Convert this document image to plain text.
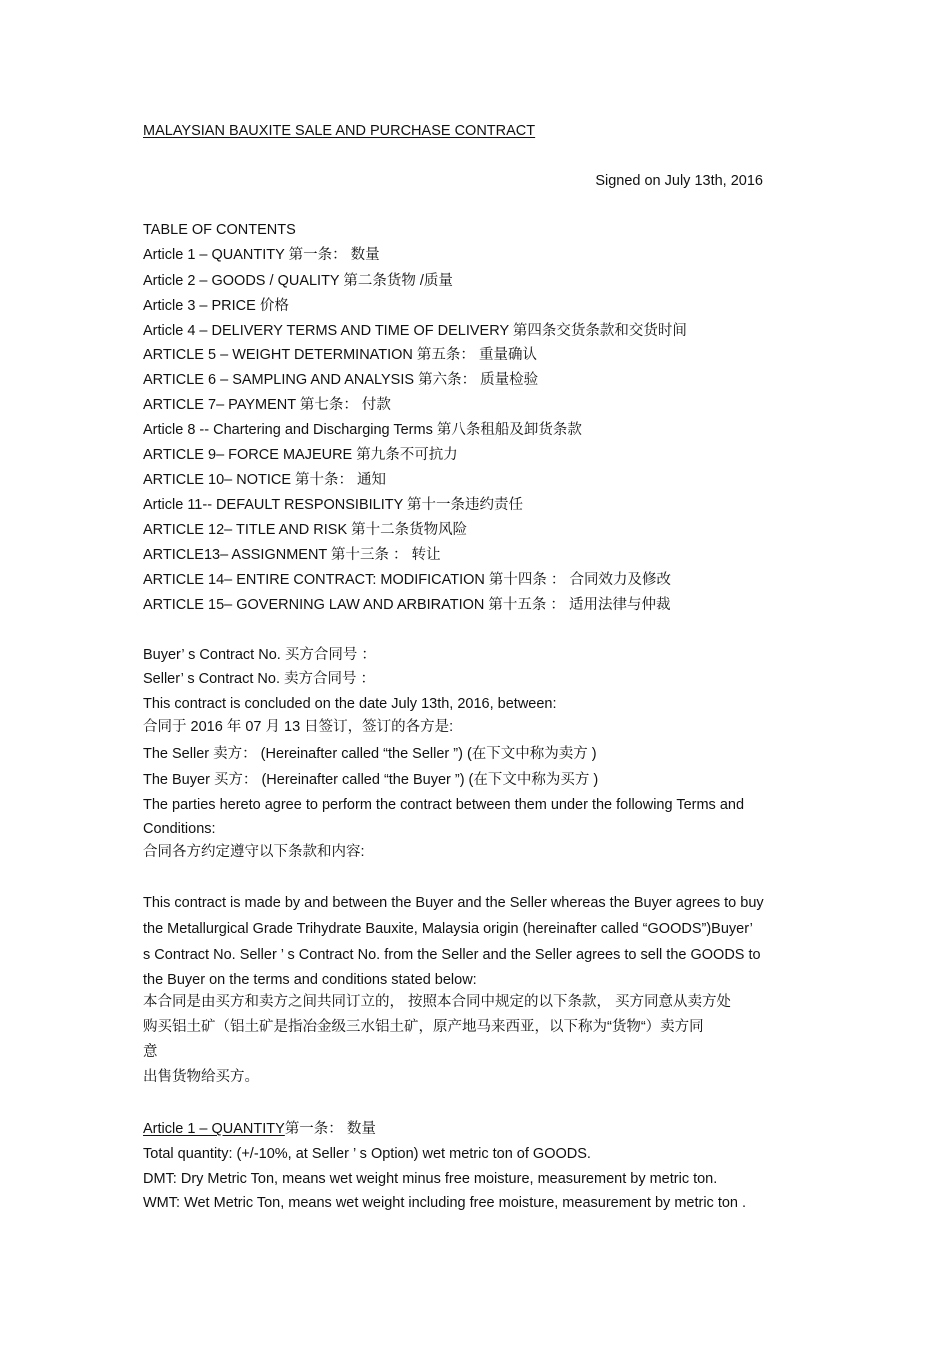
MALAYSIAN BAUXITE SALE AND PURCHASE CONTRACT
Signed on July 13th, 2016
TABLE OF CONTENTS
Article 1 – QUANTITY 第一条： 数量
Article 2 – GOODS / QUALITY 第二条货物 /质量
Article 3 – PRICE 价格
Article 4 – DELIVERY TERMS AND TIME OF DELIVERY 第四条交货条款和交货时间
ARTICLE 5 – WEIGHT DETERMINATION 第五条： 重量确认
ARTICLE 6 – SAMPLING AND ANALYSIS 第六条： 质量检验
ARTICLE 7– PAYMENT 第七条： 付款
Article 8 -- Chartering and Discharging Terms 第八条租船及卸货条款
ARTICLE 9– FORCE MAJEURE 第九条不可抗力
ARTICLE 10– NOTICE 第十条： 通知
Article 11-- DEFAULT RESPONSIBILITY 第十一条违约责任
ARTICLE 12– TITLE AND RISK 第十二条货物风险
ARTICLE13– ASSIGNMENT 第十三条 ： 转让
ARTICLE 14– ENTIRE CONTRACT: MODIFICATION 第十四条 ： 合同效力及修改
ARTICLE 15– GOVERNING LAW AND ARBIRATION 第十五条 ： 适用法律与仲裁
Buyer’ s Contract No. 买方合同号 ：
Seller’ s Contract No. 卖方合同号 ：
This contract is concluded on the date July 13th, 2016, between:
合同于 2016 年 07 月 13 日签订，签订的各方是:
The Seller 卖方： (Hereinafter called “the Seller ”) (在下文中称为卖方 )
The Buyer 买方： (Hereinafter called “the Buyer ”) (在下文中称为买方 )
The parties hereto agree to perform the contract between them under the following Terms and
Conditions:
合同各方约定遵守以下条款和内容:
This contract is made by and between the Buyer and the Seller whereas the Buyer agrees to buy
the Metallurgical Grade Trihydrate Bauxite, Malaysia origin (hereinafter called “GOODS”)Buyer’
s Contract No. Seller ’ s Contract No. from the Seller and the Seller agrees to sell the GOODS to
the Buyer on the terms and conditions stated below:
本合同是由买方和卖方之间共同订立的， 按照本合同中规定的以下条款， 买方同意从卖方处
购买铝土矿（铝土矿是指冶金级三水铝土矿，原产地马来西亚，以下称为“货物“）卖方同
意
出售货物给买方。
Article 1 – QUANTITY第一条： 数量
Total quantity: (+/-10%, at Seller ’ s Option) wet metric ton of GOODS.
DMT: Dry Metric Ton, means wet weight minus free moisture, measurement by metric ton.
WMT: Wet Metric Ton, means wet weight including free moisture, measurement by metric ton .
